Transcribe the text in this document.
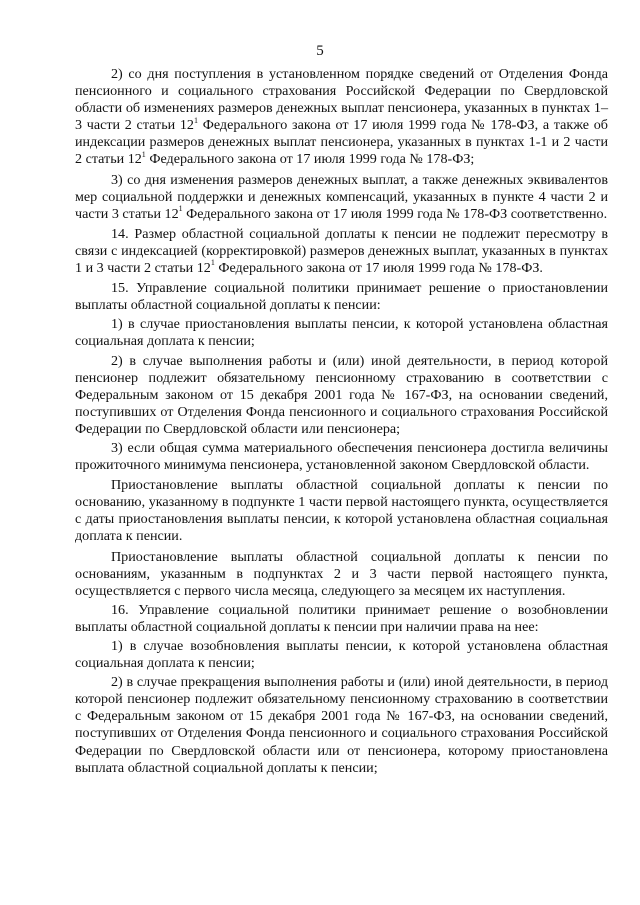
5

2) со дня поступления в установленном порядке сведений от Отделения Фонда пенсионного и социального страхования Российской Федерации по Свердловской области об изменениях размеров денежных выплат пенсионера, указанных в пунктах 1–3 части 2 статьи $12^1$ Федерального закона от 17 июля 1999 года № 178-ФЗ, а также об индексации размеров денежных выплат пенсионера, указанных в пунктах 1-1 и 2 части 2 статьи $12^1$ Федерального закона от 17 июля 1999 года № 178-ФЗ;

3) со дня изменения размеров денежных выплат, а также денежных эквивалентов мер социальной поддержки и денежных компенсаций, указанных в пункте 4 части 2 и части 3 статьи $12^1$ Федерального закона от 17 июля 1999 года № 178-ФЗ соответственно.

14. Размер областной социальной доплаты к пенсии не подлежит пересмотру в связи с индексацией (корректировкой) размеров денежных выплат, указанных в пунктах 1 и 3 части 2 статьи $12^1$ Федерального закона от 17 июля 1999 года № 178-ФЗ.

15. Управление социальной политики принимает решение о приостановлении выплаты областной социальной доплаты к пенсии:

1) в случае приостановления выплаты пенсии, к которой установлена областная социальная доплата к пенсии;

2) в случае выполнения работы и (или) иной деятельности, в период которой пенсионер подлежит обязательному пенсионному страхованию в соответствии с Федеральным законом от 15 декабря 2001 года № 167-ФЗ, на основании сведений, поступивших от Отделения Фонда пенсионного и социального страхования Российской Федерации по Свердловской области или пенсионера;

3) если общая сумма материального обеспечения пенсионера достигла величины прожиточного минимума пенсионера, установленной законом Свердловской области.

Приостановление выплаты областной социальной доплаты к пенсии по основанию, указанному в подпункте 1 части первой настоящего пункта, осуществляется с даты приостановления выплаты пенсии, к которой установлена областная социальная доплата к пенсии.

Приостановление выплаты областной социальной доплаты к пенсии по основаниям, указанным в подпунктах 2 и 3 части первой настоящего пункта, осуществляется с первого числа месяца, следующего за месяцем их наступления.

16. Управление социальной политики принимает решение о возобновлении выплаты областной социальной доплаты к пенсии при наличии права на нее:

1) в случае возобновления выплаты пенсии, к которой установлена областная социальная доплата к пенсии;

2) в случае прекращения выполнения работы и (или) иной деятельности, в период которой пенсионер подлежит обязательному пенсионному страхованию в соответствии с Федеральным законом от 15 декабря 2001 года № 167-ФЗ, на основании сведений, поступивших от Отделения Фонда пенсионного и социального страхования Российской Федерации по Свердловской области или от пенсионера, которому приостановлена выплата областной социальной доплаты к пенсии;
